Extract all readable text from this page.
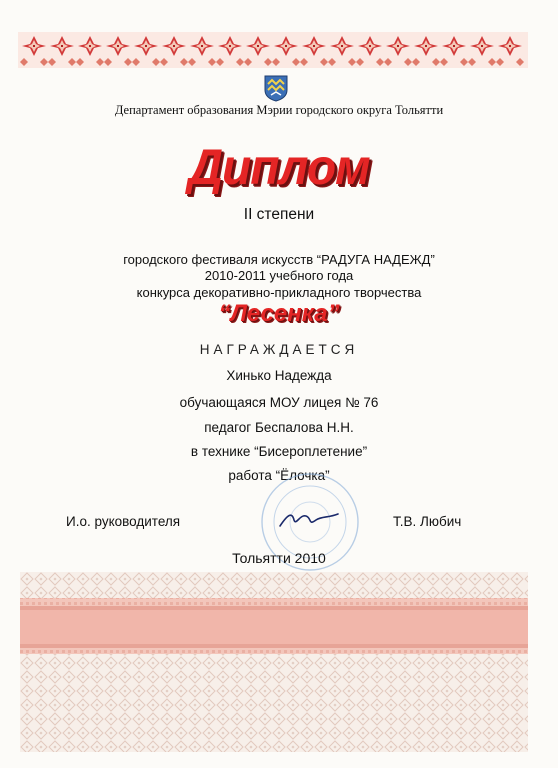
Департамент образования Мэрии городского округа Тольятти
Диплом
II степени
городского фестиваля искусств “РАДУГА НАДЕЖД”
2010-2011 учебного года
конкурса декоративно-прикладного творчества
“Лесенка”
НАГРАЖДАЕТСЯ
Хинько Надежда
обучающаяся МОУ лицея № 76
педагог Беспалова Н.Н.
в технике “Бисероплетение”
работа “Ёлочка”
И.о. руководителя	Т.В. Любич
Тольятти 2010
